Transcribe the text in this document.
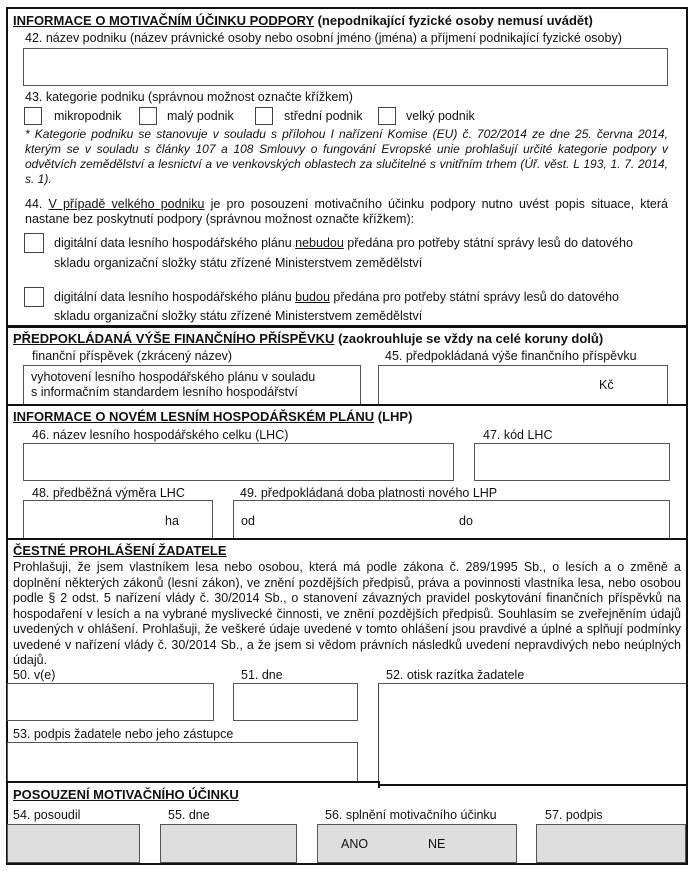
INFORMACE O MOTIVAČNÍM ÚČINKU PODPORY (nepodnikající fyzické osoby nemusí uvádět)
42. název podniku (název právnické osoby nebo osobní jméno (jména) a příjmení podnikající fyzické osoby)
43. kategorie podniku (správnou možnost označte křížkem)
mikropodnik	malý podnik	střední podnik	velký podnik
* Kategorie podniku se stanovuje v souladu s přílohou I nařízení Komise (EU) č. 702/2014 ze dne 25. června 2014, kterým se v souladu s články 107 a 108 Smlouvy o fungování Evropské unie prohlašují určité kategorie podpory v odvětvích zemědělství a lesnictví a ve venkovských oblastech za slučitelné s vnitřním trhem (Úř. věst. L 193, 1. 7. 2014, s. 1).
44. V případě velkého podniku je pro posouzení motivačního účinku podpory nutno uvést popis situace, která nastane bez poskytnutí podpory (správnou možnost označte křížkem):
digitální data lesního hospodářského plánu nebudou předána pro potřeby státní správy lesů do datového
skladu organizační složky státu zřízené Ministerstvem zemědělství
digitální data lesního hospodářského plánu budou předána pro potřeby státní správy lesů do datového
skladu organizační složky státu zřízené Ministerstvem zemědělství
PŘEDPOKLÁDANÁ VÝŠE FINANČNÍHO PŘÍSPĚVKU (zaokrouhluje se vždy na celé koruny dolů)
finanční příspěvek (zkrácený název)
vyhotovení lesního hospodářského plánu v souladu
s informačním standardem lesního hospodářství
45. předpokládaná výše finančního příspěvku
Kč
INFORMACE O NOVÉM LESNÍM HOSPODÁŘSKÉM PLÁNU (LHP)
46. název lesního hospodářského celku (LHC)	47. kód LHC
48. předběžná výměra LHC
ha
49. předpokládaná doba platnosti nového LHP
od	do
ČESTNÉ PROHLÁŠENÍ ŽADATELE
Prohlašuji, že jsem vlastníkem lesa nebo osobou, která má podle zákona č. 289/1995 Sb., o lesích a o změně a doplnění některých zákonů (lesní zákon), ve znění pozdějších předpisů, práva a povinnosti vlastníka lesa, nebo osobou podle § 2 odst. 5 nařízení vlády č. 30/2014 Sb., o stanovení závazných pravidel poskytování finančních příspěvků na hospodaření v lesích a na vybrané myslivecké činnosti, ve znění pozdějších předpisů. Souhlasím se zveřejněním údajů uvedených v ohlášení. Prohlašuji, že veškeré údaje uvedené v tomto ohlášení jsou pravdivé a úplné a splňují podmínky uvedené v nařízení vlády č. 30/2014 Sb., a že jsem si vědom právních následků uvedení nepravdivých nebo neúplných údajů.
50. v(e)	51. dne	52. otisk razítka žadatele
53. podpis žadatele nebo jeho zástupce
POSOUZENÍ MOTIVAČNÍHO ÚČINKU
54. posoudil	55. dne	56. splnění motivačního účinku
ANO	NE
57. podpis
